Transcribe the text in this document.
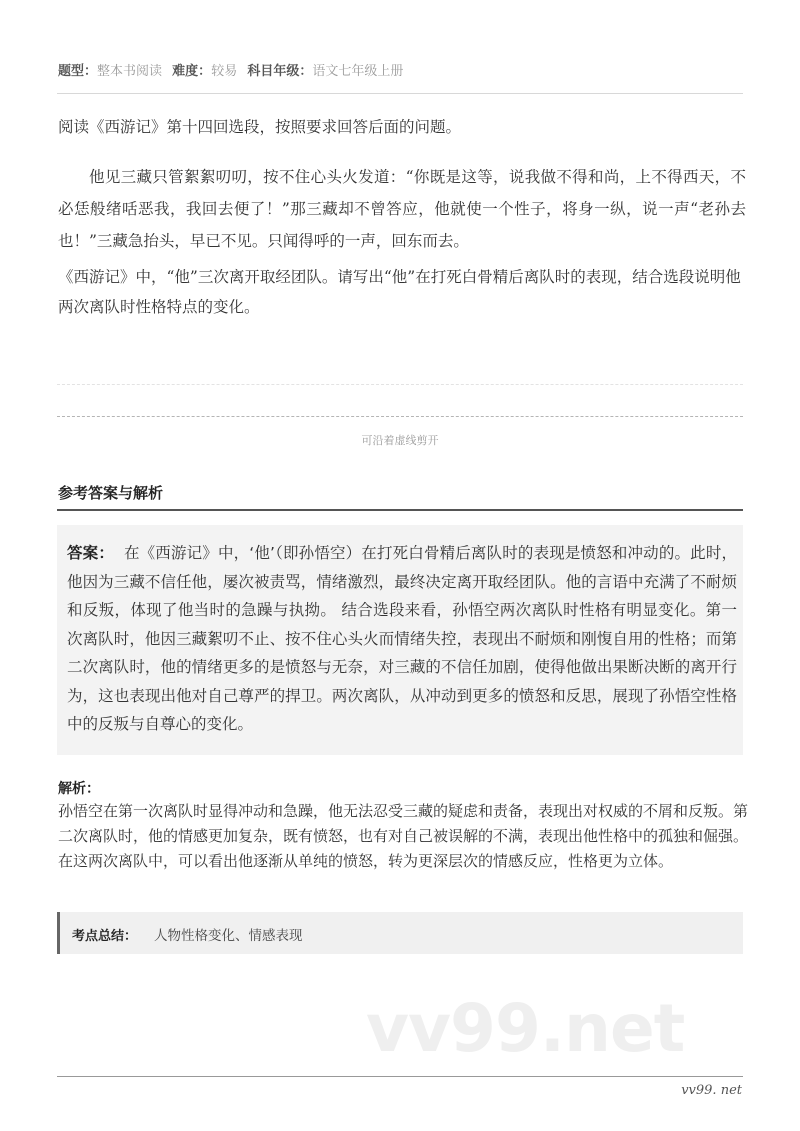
题型：整本书阅读 难度：较易 科目年级：语文七年级上册
阅读《西游记》第十四回选段，按照要求回答后面的问题。
他见三藏只管絮絮叨叨，按不住心头火发道：“你既是这等，说我做不得和尚，上不得西天，不必恁般绪咶恶我，我回去便了！”那三藏却不曾答应，他就使一个性子，将身一纵，说一声“老孙去也！”三藏急抬头，早已不见。只闻得呼的一声，回东而去。
《西游记》中，“他”三次离开取经团队。请写出“他”在打死白骨精后离队时的表现，结合选段说明他两次离队时性格特点的变化。
可沿着虚线剪开
参考答案与解析
答案： 在《西游记》中，‘他’（即孙悟空）在打死白骨精后离队时的表现是愤怒和冲动的。此时，他因为三藏不信任他，屡次被责骂，情绪激烈，最终决定离开取经团队。他的言语中充满了不耐烦和反叛，体现了他当时的急躁与执拗。 结合选段来看，孙悟空两次离队时性格有明显变化。第一次离队时，他因三藏絮叨不止、按不住心头火而情绪失控，表现出不耐烦和刚愎自用的性格；而第二次离队时，他的情绪更多的是愤怒与无奈，对三藏的不信任加剧，使得他做出果断决断的离开行为，这也表现出他对自己尊严的捍卫。两次离队，从冲动到更多的愤怒和反思，展现了孙悟空性格中的反叛与自尊心的变化。
解析：
孙悟空在第一次离队时显得冲动和急躁，他无法忍受三藏的疑虑和责备，表现出对权威的不屑和反叛。第二次离队时，他的情感更加复杂，既有愤怒，也有对自己被误解的不满，表现出他性格中的孤独和倔强。在这两次离队中，可以看出他逐渐从单纯的愤怒，转为更深层次的情感反应，性格更为立体。
考点总结： 人物性格变化、情感表现
vv99.net
vv99. net
